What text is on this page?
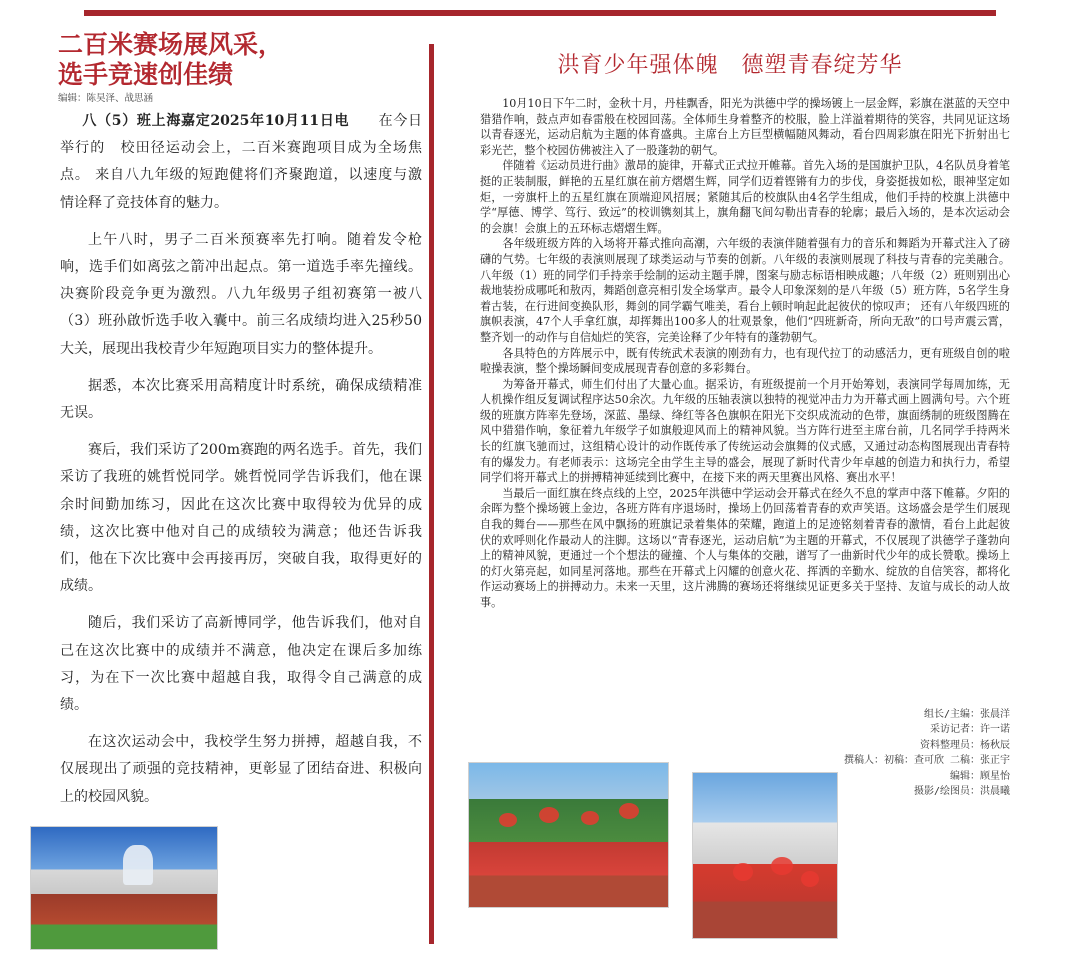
二百米赛场展风采，
选手竞速创佳绩
编辑：陈昊泽、战思涵

八（5）班上海嘉定2025年10月11日电　　 在今日举行的　校田径运动会上，二百米赛跑项目成为全场焦点。 来自八九年级的短跑健将们齐聚跑道，以速度与激　情诠释了竞技体育的魅力。

上午八时，男子二百米预赛率先打响。随着发令枪响，选手们如离弦之箭冲出起点。第一道选手率先撞线。决赛阶段竞争更为激烈。八九年级男子组初赛第一被八（3）班孙啟忻选手收入囊中。前三名成绩均进入25秒50大关，展现出我校青少年短跑项目实力的整体提升。

据悉，本次比赛采用高精度计时系统，确保成绩精准无误。

赛后，我们采访了200m赛跑的两名选手。首先，我们采访了我班的姚哲悦同学。姚哲悦同学告诉我们，他在课余时间勤加练习，因此在这次比赛中取得较为优异的成绩，这次比赛中他对自己的成绩较为满意；他还告诉我们，他在下次比赛中会再接再厉，突破自我，取得更好的成绩。

随后，我们采访了高新博同学，他告诉我们，他对自己在这次比赛中的成绩并不满意，他决定在课后多加练习，为在下一次比赛中超越自我，取得令自己满意的成绩。

在这次运动会中，我校学生努力拼搏，超越自我，不仅展现出了顽强的竞技精神，更彰显了团结奋进、积极向上的校园风貌。

洪育少年强体魄　德塑青春绽芳华

10月10日下午二时，金秋十月，丹桂飘香，阳光为洪德中学的操场镀上一层金辉，彩旗在湛蓝的天空中猎猎作响，鼓点声如春雷般在校园回荡。全体师生身着整齐的校服，脸上洋溢着期待的笑容，共同见证这场以青春逐光，运动启航为主题的体育盛典。主席台上方巨型横幅随风舞动，看台四周彩旗在阳光下折射出七彩光芒，整个校园仿佛被注入了一股蓬勃的朝气。

伴随着《运动员进行曲》激昂的旋律，开幕式正式拉开帷幕。首先入场的是国旗护卫队，4名队员身着笔挺的正装制服，鲜艳的五星红旗在前方熠熠生辉，同学们迈着铿锵有力的步伐，身姿挺拔如松，眼神坚定如炬，一旁旗杆上的五星红旗在顶端迎风招展；紧随其后的校旗队由4名学生组成，他们手持的校旗上洪德中学“厚德、博学、笃行、致远”的校训镌刻其上，旗角翻飞间勾勒出青春的轮廓；最后入场的，是本次运动会的会旗！会旗上的五环标志熠熠生辉。

各年级班级方阵的入场将开幕式推向高潮，六年级的表演伴随着强有力的音乐和舞蹈为开幕式注入了磅礴的气势。七年级的表演则展现了球类运动与节奏的创新。八年级的表演则展现了科技与青春的完美融合。八年级（1）班的同学们手持亲手绘制的运动主题手牌，图案与励志标语相映成趣；八年级（2）班则别出心裁地装扮成哪吒和敖丙，舞蹈创意亮相引发全场掌声。最令人印象深刻的是八年级（5）班方阵，5名学生身着古装，在行进间变换队形，舞剑的同学霸气唯美，看台上顿时响起此起彼伏的惊叹声； 还有八年级四班的旗帜表演，47个人手拿红旗，却挥舞出100多人的壮观景象，他们“四班新奇，所向无敌”的口号声震云霄，整齐划一的动作与自信灿烂的笑容，完美诠释了少年特有的蓬勃朝气。

各具特色的方阵展示中，既有传统武术表演的刚劲有力，也有现代拉丁的动感活力，更有班级自创的啦啦操表演，整个操场瞬间变成展现青春创意的多彩舞台。

为筹备开幕式，师生们付出了大量心血。据采访，有班级提前一个月开始筹划，表演同学每周加练，无人机操作组反复调试程序达50余次。九年级的压轴表演以独特的视觉冲击力为开幕式画上圆满句号。六个班级的班旗方阵率先登场，深蓝、墨绿、绛红等各色旗帜在阳光下交织成流动的色带，旗面绣制的班级图腾在风中猎猎作响，象征着九年级学子如旗般迎风而上的精神风貌。当方阵行进至主席台前，几名同学手持两米长的红旗飞驰而过，这组精心设计的动作既传承了传统运动会旗舞的仪式感，又通过动态构图展现出青春特有的爆发力。有老师表示：这场完全由学生主导的盛会，展现了新时代青少年卓越的创造力和执行力，希望同学们将开幕式上的拼搏精神延续到比赛中，在接下来的两天里赛出风格、赛出水平！

当最后一面红旗在终点线的上空，2025年洪德中学运动会开幕式在经久不息的掌声中落下帷幕。夕阳的余晖为整个操场镀上金边，各班方阵有序退场时，操场上仍回荡着青春的欢声笑语。这场盛会是学生们展现自我的舞台——那些在风中飘扬的班旗记录着集体的荣耀，跑道上的足迹铭刻着青春的激情，看台上此起彼伏的欢呼则化作最动人的注脚。这场以“青春逐光，运动启航”为主题的开幕式，不仅展现了洪德学子蓬勃向上的精神风貌，更通过一个个想法的碰撞、个人与集体的交融，谱写了一曲新时代少年的成长赞歌。操场上的灯火第亮起，如同星河落地。那些在开幕式上闪耀的创意火花、挥洒的辛勤水、绽放的自信笑容，都将化作运动赛场上的拼搏动力。未来一天里，这片沸腾的赛场还将继续见证更多关于坚持、友谊与成长的动人故事。

组长/主编：张晨洋
采访记者：许一诺
资料整理员：杨秋辰
撰稿人：初稿：查可欣 二稿：张正宇
编辑：顾星怡
摄影/绘图员：洪晨曦
